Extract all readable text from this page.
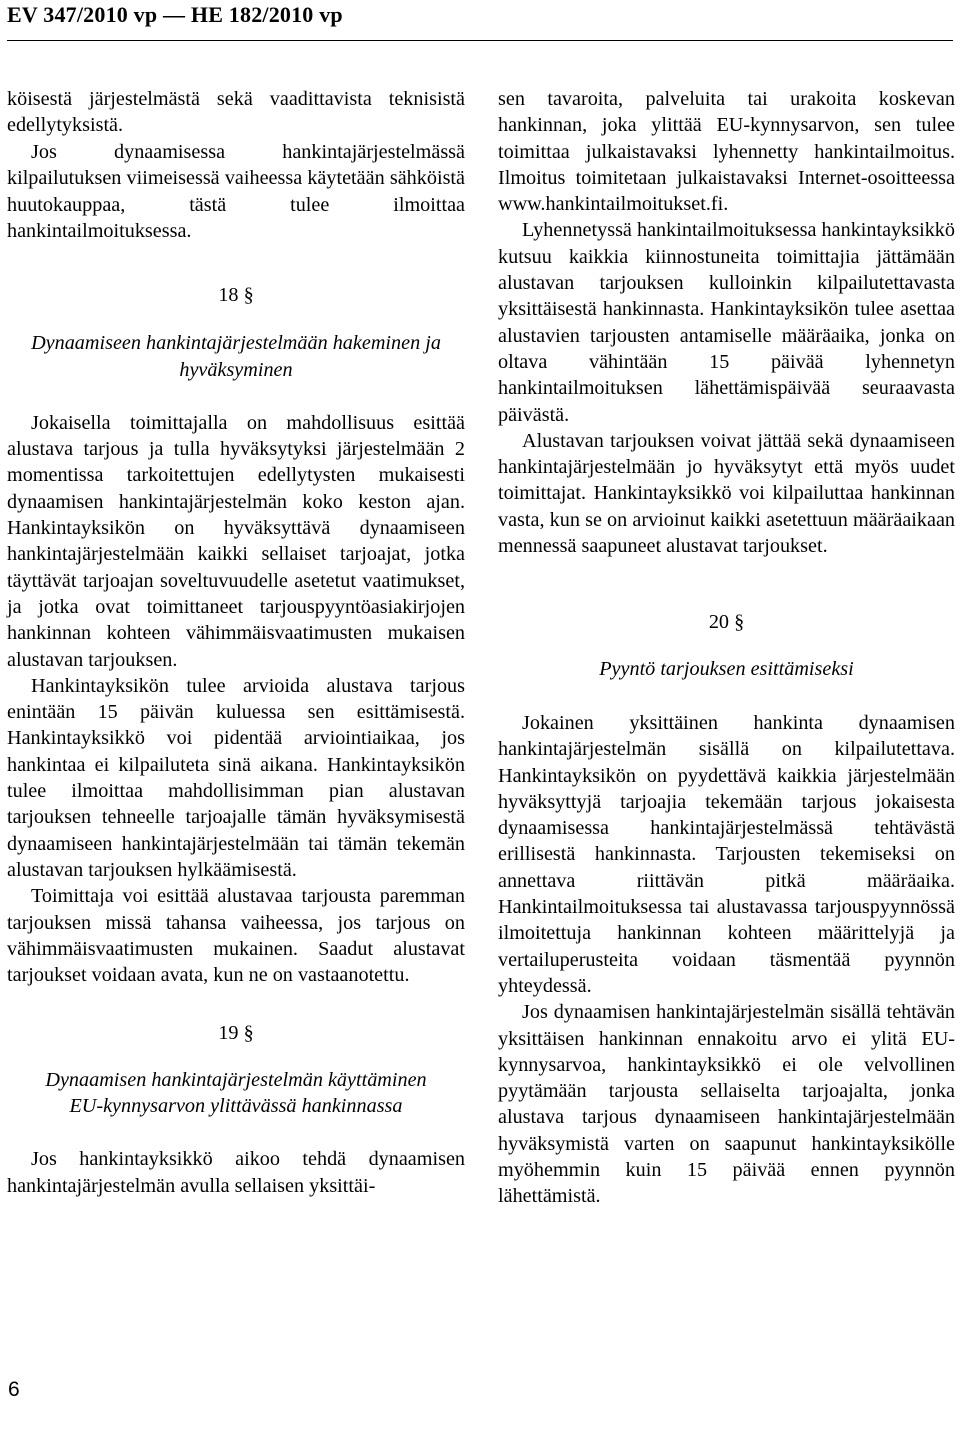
EV 347/2010 vp — HE 182/2010 vp

köisestä järjestelmästä sekä vaadittavista teknisistä edellytyksistä.

Jos dynaamisessa hankintajärjestelmässä kilpailutuksen viimeisessä vaiheessa käytetään sähköistä huutokauppaa, tästä tulee ilmoittaa hankintailmoituksessa.

18 §

Dynaamiseen hankintajärjestelmään hakeminen ja hyväksyminen

Jokaisella toimittajalla on mahdollisuus esittää alustava tarjous ja tulla hyväksytyksi järjestelmään 2 momentissa tarkoitettujen edellytysten mukaisesti dynaamisen hankintajärjestelmän koko keston ajan. Hankintayksikön on hyväksyttävä dynaamiseen hankintajärjestelmään kaikki sellaiset tarjoajat, jotka täyttävät tarjoajan soveltuvuudelle asetetut vaatimukset, ja jotka ovat toimittaneet tarjouspyyntöasiakirjojen hankinnan kohteen vähimmäisvaatimusten mukaisen alustavan tarjouksen.

Hankintayksikön tulee arvioida alustava tarjous enintään 15 päivän kuluessa sen esittämisestä. Hankintayksikkö voi pidentää arviointiaikaa, jos hankintaa ei kilpailuteta sinä aikana. Hankintayksikön tulee ilmoittaa mahdollisimman pian alustavan tarjouksen tehneelle tarjoajalle tämän hyväksymisestä dynaamiseen hankintajärjestelmään tai tämän tekemän alustavan tarjouksen hylkäämisestä.

Toimittaja voi esittää alustavaa tarjousta paremman tarjouksen missä tahansa vaiheessa, jos tarjous on vähimmäisvaatimusten mukainen. Saadut alustavat tarjoukset voidaan avata, kun ne on vastaanotettu.

19 §

Dynaamisen hankintajärjestelmän käyttäminen

EU-kynnysarvon ylittävässä hankinnassa

Jos hankintayksikkö aikoo tehdä dynaamisen hankintajärjestelmän avulla sellaisen yksittäi-

sen tavaroita, palveluita tai urakoita koskevan hankinnan, joka ylittää EU-kynnysarvon, sen tulee toimittaa julkaistavaksi lyhennetty hankintailmoitus. Ilmoitus toimitetaan julkaistavaksi Internet-osoitteessa www.hankintailmoitukset.fi.

Lyhennetyssä hankintailmoituksessa hankintayksikkö kutsuu kaikkia kiinnostuneita toimittajia jättämään alustavan tarjouksen kulloinkin kilpailutettavasta yksittäisestä hankinnasta. Hankintayksikön tulee asettaa alustavien tarjousten antamiselle määräaika, jonka on oltava vähintään 15 päivää lyhennetyn hankintailmoituksen lähettämispäivää seuraavasta päivästä.

Alustavan tarjouksen voivat jättää sekä dynaamiseen hankintajärjestelmään jo hyväksytyt että myös uudet toimittajat. Hankintayksikkö voi kilpailuttaa hankinnan vasta, kun se on arvioinut kaikki asetettuun määräaikaan mennessä saapuneet alustavat tarjoukset.

20 §

Pyyntö tarjouksen esittämiseksi

Jokainen yksittäinen hankinta dynaamisen hankintajärjestelmän sisällä on kilpailutettava. Hankintayksikön on pyydettävä kaikkia järjestelmään hyväksyttyjä tarjoajia tekemään tarjous jokaisesta dynaamisessa hankintajärjestelmässä tehtävästä erillisestä hankinnasta. Tarjousten tekemiseksi on annettava riittävän pitkä määräaika. Hankintailmoituksessa tai alustavassa tarjouspyynnössä ilmoitettuja hankinnan kohteen määrittelyjä ja vertailuperusteita voidaan täsmentää pyynnön yhteydessä.

Jos dynaamisen hankintajärjestelmän sisällä tehtävän yksittäisen hankinnan ennakoitu arvo ei ylitä EU-kynnysarvoa, hankintayksikkö ei ole velvollinen pyytämään tarjousta sellaiselta tarjoajalta, jonka alustava tarjous dynaamiseen hankintajärjestelmään hyväksymistä varten on saapunut hankintayksikölle myöhemmin kuin 15 päivää ennen pyynnön lähettämistä.

6
